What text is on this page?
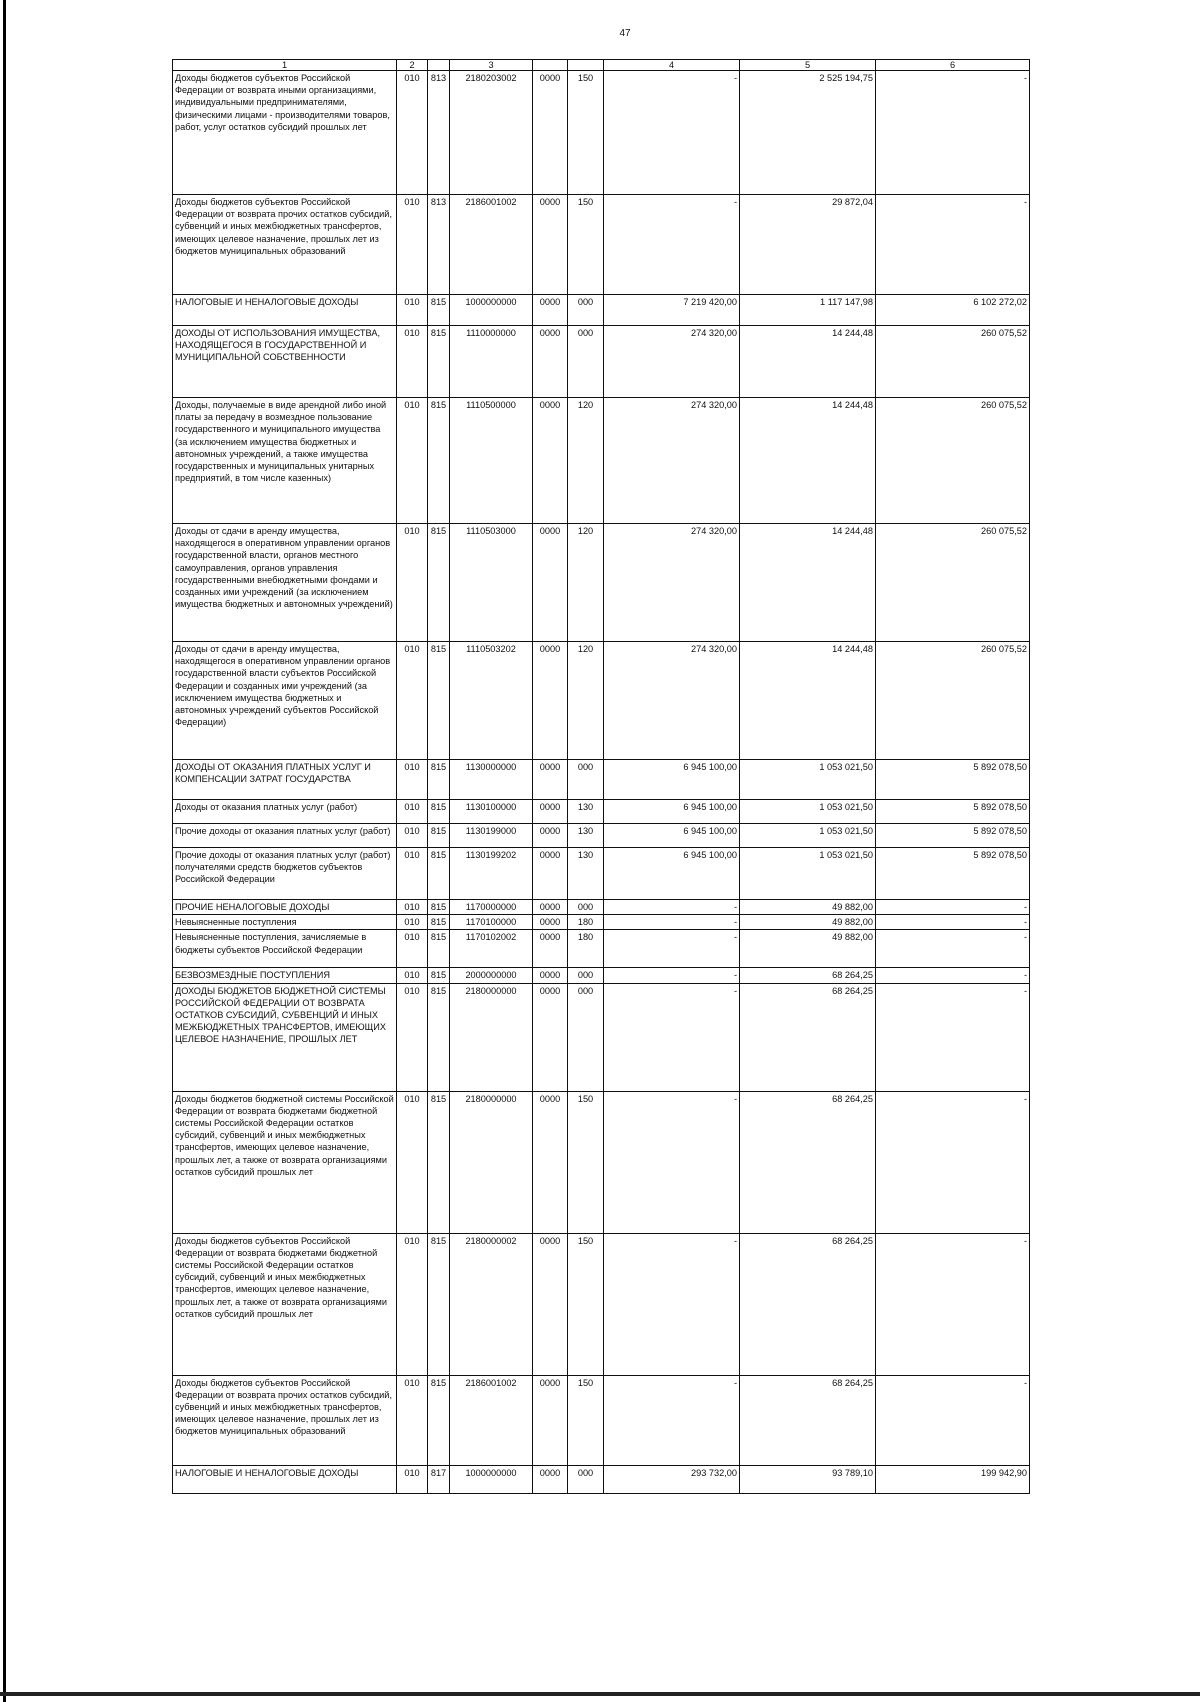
47
1	2		3			4	5	6
Доходы бюджетов субъектов Российской Федерации от возврата иными организациями, индивидуальными предпринимателями, физическими лицами - производителями товаров, работ, услуг остатков субсидий прошлых лет	010	813	2180203002	0000	150	-	2 525 194,75	-
Доходы бюджетов субъектов Российской Федерации от возврата прочих остатков субсидий, субвенций и иных межбюджетных трансфертов, имеющих целевое назначение, прошлых лет из бюджетов муниципальных образований	010	813	2186001002	0000	150	-	29 872,04	-
НАЛОГОВЫЕ И НЕНАЛОГОВЫЕ ДОХОДЫ	010	815	1000000000	0000	000	7 219 420,00	1 117 147,98	6 102 272,02
ДОХОДЫ ОТ ИСПОЛЬЗОВАНИЯ ИМУЩЕСТВА, НАХОДЯЩЕГОСЯ В ГОСУДАРСТВЕННОЙ И МУНИЦИПАЛЬНОЙ СОБСТВЕННОСТИ	010	815	1110000000	0000	000	274 320,00	14 244,48	260 075,52
Доходы, получаемые в виде арендной либо иной платы за передачу в возмездное пользование государственного и муниципального имущества (за исключением имущества бюджетных и автономных учреждений, а также имущества государственных и муниципальных унитарных предприятий, в том числе казенных)	010	815	1110500000	0000	120	274 320,00	14 244,48	260 075,52
Доходы от сдачи в аренду имущества, находящегося в оперативном управлении органов государственной власти, органов местного самоуправления, органов управления государственными внебюджетными фондами и созданных ими учреждений (за исключением имущества бюджетных и автономных учреждений)	010	815	1110503000	0000	120	274 320,00	14 244,48	260 075,52
Доходы от сдачи в аренду имущества, находящегося в оперативном управлении органов государственной власти субъектов Российской Федерации и созданных ими учреждений (за исключением имущества бюджетных и автономных учреждений субъектов Российской Федерации)	010	815	1110503202	0000	120	274 320,00	14 244,48	260 075,52
ДОХОДЫ ОТ ОКАЗАНИЯ ПЛАТНЫХ УСЛУГ И КОМПЕНСАЦИИ ЗАТРАТ ГОСУДАРСТВА	010	815	1130000000	0000	000	6 945 100,00	1 053 021,50	5 892 078,50
Доходы от оказания платных услуг (работ)	010	815	1130100000	0000	130	6 945 100,00	1 053 021,50	5 892 078,50
Прочие доходы от оказания платных услуг (работ)	010	815	1130199000	0000	130	6 945 100,00	1 053 021,50	5 892 078,50
Прочие доходы от оказания платных услуг (работ) получателями средств бюджетов субъектов Российской Федерации	010	815	1130199202	0000	130	6 945 100,00	1 053 021,50	5 892 078,50
ПРОЧИЕ НЕНАЛОГОВЫЕ ДОХОДЫ	010	815	1170000000	0000	000	-	49 882,00	-
Невыясненные поступления	010	815	1170100000	0000	180	-	49 882,00	-
Невыясненные поступления, зачисляемые в бюджеты субъектов Российской Федерации	010	815	1170102002	0000	180	-	49 882,00	-
БЕЗВОЗМЕЗДНЫЕ ПОСТУПЛЕНИЯ	010	815	2000000000	0000	000	-	68 264,25	-
ДОХОДЫ БЮДЖЕТОВ БЮДЖЕТНОЙ СИСТЕМЫ РОССИЙСКОЙ ФЕДЕРАЦИИ ОТ ВОЗВРАТА ОСТАТКОВ СУБСИДИЙ, СУБВЕНЦИЙ И ИНЫХ МЕЖБЮДЖЕТНЫХ ТРАНСФЕРТОВ, ИМЕЮЩИХ ЦЕЛЕВОЕ НАЗНАЧЕНИЕ, ПРОШЛЫХ ЛЕТ	010	815	2180000000	0000	000	-	68 264,25	-
Доходы бюджетов бюджетной системы Российской Федерации от возврата бюджетами бюджетной системы Российской Федерации остатков субсидий, субвенций и иных межбюджетных трансфертов, имеющих целевое назначение, прошлых лет, а также от возврата организациями остатков субсидий прошлых лет	010	815	2180000000	0000	150	-	68 264,25	-
Доходы бюджетов субъектов Российской Федерации от возврата бюджетами бюджетной системы Российской Федерации остатков субсидий, субвенций и иных межбюджетных трансфертов, имеющих целевое назначение, прошлых лет, а также от возврата организациями остатков субсидий прошлых лет	010	815	2180000002	0000	150	-	68 264,25	-
Доходы бюджетов субъектов Российской Федерации от возврата прочих остатков субсидий, субвенций и иных межбюджетных трансфертов, имеющих целевое назначение, прошлых лет из бюджетов муниципальных образований	010	815	2186001002	0000	150	-	68 264,25	-
НАЛОГОВЫЕ И НЕНАЛОГОВЫЕ ДОХОДЫ	010	817	1000000000	0000	000	293 732,00	93 789,10	199 942,90
